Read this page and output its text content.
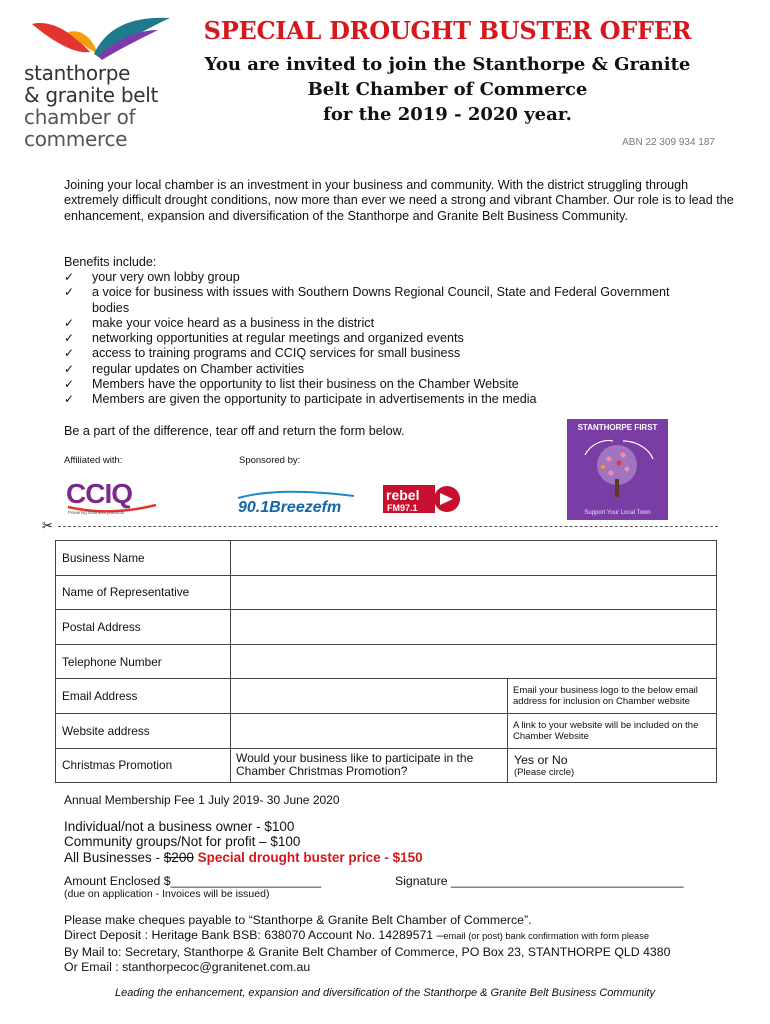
stanthorpe
& granite belt
chamber of
commerce
SPECIAL DROUGHT BUSTER OFFER
You are invited to join the Stanthorpe & Granite
Belt Chamber of Commerce
for the 2019 - 2020 year.
ABN 22 309 934 187
Joining your local chamber is an investment in your business and community. With the district struggling through extremely difficult drought conditions, now more than ever we need a strong and vibrant Chamber. Our role is to lead the enhancement, expansion and diversification of the Stanthorpe and Granite Belt Business Community.
Benefits include:
✓ your very own lobby group
✓ a voice for business with issues with Southern Downs Regional Council, State and Federal Government bodies
✓ make your voice heard as a business in the district
✓ networking opportunities at regular meetings and organized events
✓ access to training programs and CCIQ services for small business
✓ regular updates on Chamber activities
✓ Members have the opportunity to list their business on the Chamber Website
✓ Members are given the opportunity to participate in advertisements in the media
Be a part of the difference, tear off and return the form below.
Affiliated with:	Sponsored by:
CCIQ
Powering business potential	90.1Breezefm
rebel
FM97.1
STANTHORPE FIRST
Support Your Local Town
✂
Business Name		
Name of Representative		
Postal Address		
Telephone Number		
Email Address		Email your business logo to the below email address for inclusion on Chamber website
Website address		A link to your website will be included on the Chamber Website
Christmas Promotion	Would your business like to participate in the Chamber Christmas Promotion?	Yes or No
(Please circle)
Annual Membership Fee 1 July 2019- 30 June 2020
Individual/not a business owner - $100
Community groups/Not for profit – $100
All Businesses - $200 Special drought buster price - $150
Amount Enclosed $______________________	Signature __________________________________
(due on application - Invoices will be issued)
Please make cheques payable to “Stanthorpe & Granite Belt Chamber of Commerce”.
Direct Deposit : Heritage Bank BSB: 638070 Account No. 14289571 –email (or post) bank confirmation with form please
By Mail to: Secretary, Stanthorpe & Granite Belt Chamber of Commerce, PO Box 23, STANTHORPE QLD 4380
Or Email : stanthorpecoc@granitenet.com.au
Leading the enhancement, expansion and diversification of the Stanthorpe & Granite Belt Business Community
